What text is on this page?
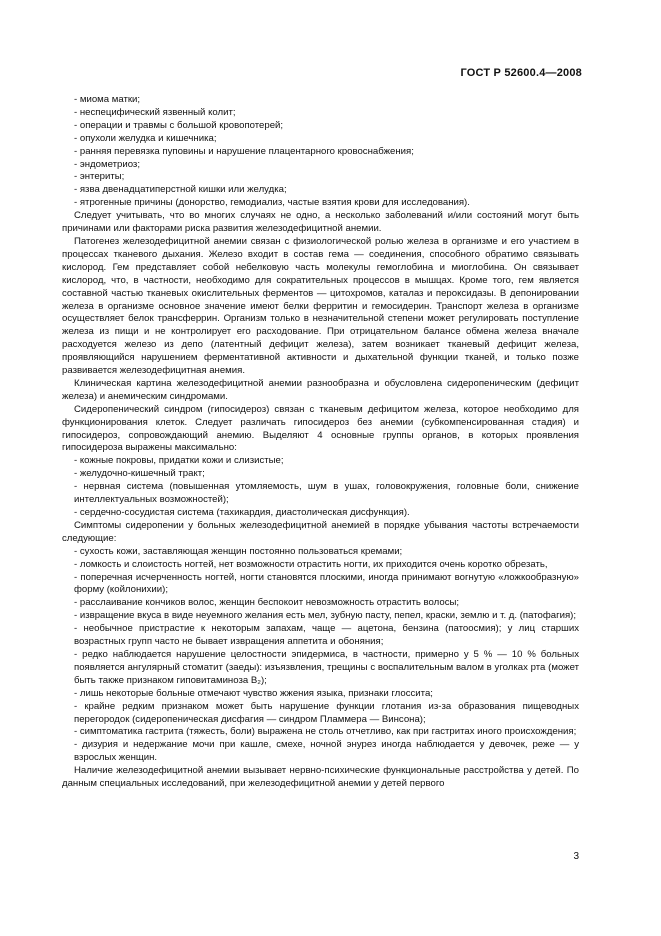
ГОСТ Р 52600.4—2008

- миома матки;

- неспецифический язвенный колит;

- операции и травмы с большой кровопотерей;

- опухоли желудка и кишечника;

- ранняя перевязка пуповины и нарушение плацентарного кровоснабжения;

- эндометриоз;

- энтериты;

- язва двенадцатиперстной кишки или желудка;

- ятрогенные причины (донорство, гемодиализ, частые взятия крови для исследования).

Следует учитывать, что во многих случаях не одно, а несколько заболеваний и/или состояний могут быть причинами или факторами риска развития железодефицитной анемии.

Патогенез железодефицитной анемии связан с физиологической ролью железа в организме и его участием в процессах тканевого дыхания. Железо входит в состав гема — соединения, способного обратимо связывать кислород. Гем представляет собой небелковую часть молекулы гемоглобина и миоглобина. Он связывает кислород, что, в частности, необходимо для сократительных процессов в мышцах. Кроме того, гем является составной частью тканевых окислительных ферментов — цитохромов, каталаз и пероксидазы. В депонировании железа в организме основное значение имеют белки ферритин и гемосидерин. Транспорт железа в организме осуществляет белок трансферрин. Организм только в незначительной степени может регулировать поступление железа из пищи и не контролирует его расходование. При отрицательном балансе обмена железа вначале расходуется железо из депо (латентный дефицит железа), затем возникает тканевый дефицит железа, проявляющийся нарушением ферментативной активности и дыхательной функции тканей, и только позже развивается железодефицитная анемия.

Клиническая картина железодефицитной анемии разнообразна и обусловлена сидеропеническим (дефицит железа) и анемическим синдромами.

Сидеропенический синдром (гипосидероз) связан с тканевым дефицитом железа, которое необходимо для функционирования клеток. Следует различать гипосидероз без анемии (субкомпенсированная стадия) и гипосидероз, сопровождающий анемию. Выделяют 4 основные группы органов, в которых проявления гипосидероза выражены максимально:

- кожные покровы, придатки кожи и слизистые;

- желудочно-кишечный тракт;

- нервная система (повышенная утомляемость, шум в ушах, головокружения, головные боли, снижение интеллектуальных возможностей);

- сердечно-сосудистая система (тахикардия, диастолическая дисфункция).

Симптомы сидеропении у больных железодефицитной анемией в порядке убывания частоты встречаемости следующие:

- сухость кожи, заставляющая женщин постоянно пользоваться кремами;

- ломкость и слоистость ногтей, нет возможности отрастить ногти, их приходится очень коротко обрезать,

- поперечная исчерченность ногтей, ногти становятся плоскими, иногда принимают вогнутую «ложкообразную» форму (койлонихии);

- расслаивание кончиков волос, женщин беспокоит невозможность отрастить волосы;

- извращение вкуса в виде неуемного желания есть мел, зубную пасту, пепел, краски, землю и т. д. (патофагия);

- необычное пристрастие к некоторым запахам, чаще — ацетона, бензина (патоосмия); у лиц старших возрастных групп часто не бывает извращения аппетита и обоняния;

- редко наблюдается нарушение целостности эпидермиса, в частности, примерно у 5 % — 10 % больных появляется ангулярный стоматит (заеды): изъязвления, трещины с воспалительным валом в уголках рта (может быть также признаком гиповитаминоза B₂);

- лишь некоторые больные отмечают чувство жжения языка, признаки глоссита;

- крайне редким признаком может быть нарушение функции глотания из-за образования пищеводных перегородок (сидеропеническая дисфагия — синдром Пламмера — Винсона);

- симптоматика гастрита (тяжесть, боли) выражена не столь отчетливо, как при гастритах иного происхождения;

- дизурия и недержание мочи при кашле, смехе, ночной энурез иногда наблюдается у девочек, реже — у взрослых женщин.

Наличие железодефицитной анемии вызывает нервно-психические функциональные расстройства у детей. По данным специальных исследований, при железодефицитной анемии у детей первого

3
